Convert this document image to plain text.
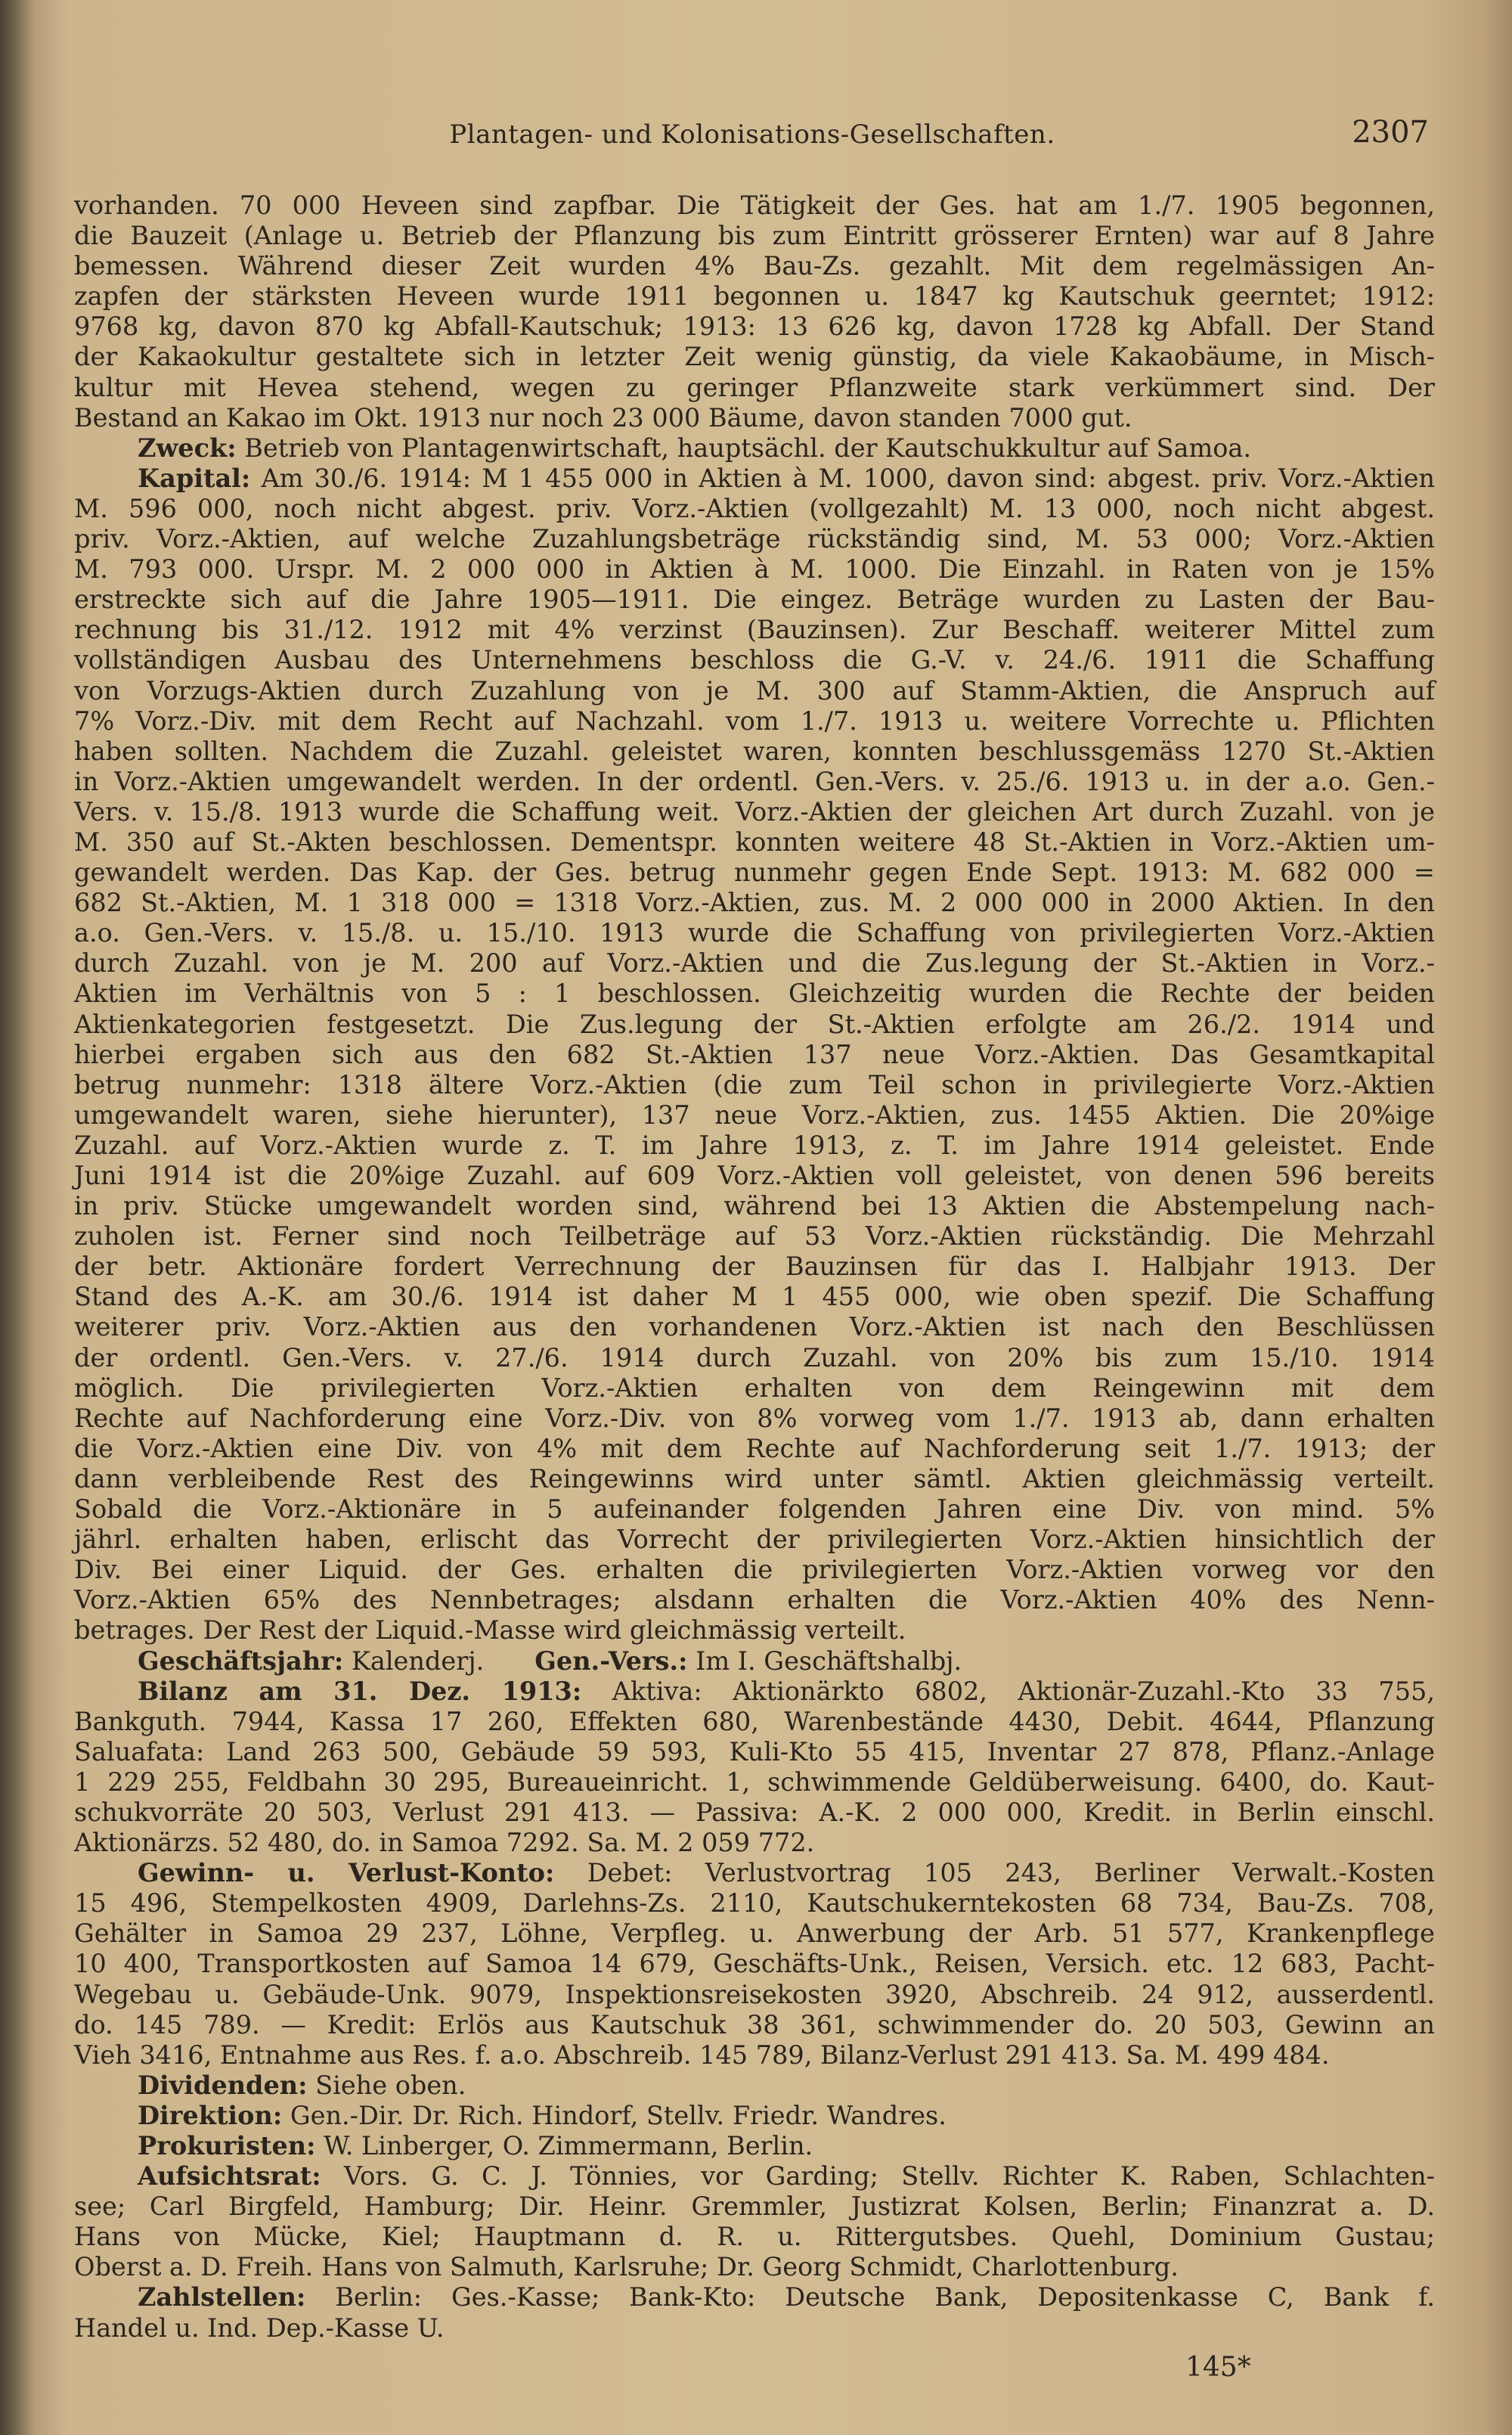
Plantagen- und Kolonisations-Gesellschaften.	2307
vorhanden. 70 000 Heveen sind zapfbar. Die Tätigkeit der Ges. hat am 1./7. 1905 begonnen,
die Bauzeit (Anlage u. Betrieb der Pflanzung bis zum Eintritt grösserer Ernten) war auf 8 Jahre
bemessen. Während dieser Zeit wurden 4% Bau-Zs. gezahlt. Mit dem regelmässigen An-
zapfen der stärksten Heveen wurde 1911 begonnen u. 1847 kg Kautschuk geerntet; 1912:
9768 kg, davon 870 kg Abfall-Kautschuk; 1913: 13 626 kg, davon 1728 kg Abfall. Der Stand
der Kakaokultur gestaltete sich in letzter Zeit wenig günstig, da viele Kakaobäume, in Misch-
kultur mit Hevea stehend, wegen zu geringer Pflanzweite stark verkümmert sind. Der
Bestand an Kakao im Okt. 1913 nur noch 23 000 Bäume, davon standen 7000 gut.
Zweck: Betrieb von Plantagenwirtschaft, hauptsächl. der Kautschukkultur auf Samoa.
Kapital: Am 30./6. 1914: M 1 455 000 in Aktien à M. 1000, davon sind: abgest. priv. Vorz.-Aktien
M. 596 000, noch nicht abgest. priv. Vorz.-Aktien (vollgezahlt) M. 13 000, noch nicht abgest.
priv. Vorz.-Aktien, auf welche Zuzahlungsbeträge rückständig sind, M. 53 000; Vorz.-Aktien
M. 793 000. Urspr. M. 2 000 000 in Aktien à M. 1000. Die Einzahl. in Raten von je 15%
erstreckte sich auf die Jahre 1905—1911. Die eingez. Beträge wurden zu Lasten der Bau-
rechnung bis 31./12. 1912 mit 4% verzinst (Bauzinsen). Zur Beschaff. weiterer Mittel zum
vollständigen Ausbau des Unternehmens beschloss die G.-V. v. 24./6. 1911 die Schaffung
von Vorzugs-Aktien durch Zuzahlung von je M. 300 auf Stamm-Aktien, die Anspruch auf
7% Vorz.-Div. mit dem Recht auf Nachzahl. vom 1./7. 1913 u. weitere Vorrechte u. Pflichten
haben sollten. Nachdem die Zuzahl. geleistet waren, konnten beschlussgemäss 1270 St.-Aktien
in Vorz.-Aktien umgewandelt werden. In der ordentl. Gen.-Vers. v. 25./6. 1913 u. in der a.o. Gen.-
Vers. v. 15./8. 1913 wurde die Schaffung weit. Vorz.-Aktien der gleichen Art durch Zuzahl. von je
M. 350 auf St.-Akten beschlossen. Dementspr. konnten weitere 48 St.-Aktien in Vorz.-Aktien um-
gewandelt werden. Das Kap. der Ges. betrug nunmehr gegen Ende Sept. 1913: M. 682 000 =
682 St.-Aktien, M. 1 318 000 = 1318 Vorz.-Aktien, zus. M. 2 000 000 in 2000 Aktien. In den
a.o. Gen.-Vers. v. 15./8. u. 15./10. 1913 wurde die Schaffung von privilegierten Vorz.-Aktien
durch Zuzahl. von je M. 200 auf Vorz.-Aktien und die Zus.legung der St.-Aktien in Vorz.-
Aktien im Verhältnis von 5 : 1 beschlossen. Gleichzeitig wurden die Rechte der beiden
Aktienkategorien festgesetzt. Die Zus.legung der St.-Aktien erfolgte am 26./2. 1914 und
hierbei ergaben sich aus den 682 St.-Aktien 137 neue Vorz.-Aktien. Das Gesamtkapital
betrug nunmehr: 1318 ältere Vorz.-Aktien (die zum Teil schon in privilegierte Vorz.-Aktien
umgewandelt waren, siehe hierunter), 137 neue Vorz.-Aktien, zus. 1455 Aktien. Die 20%ige
Zuzahl. auf Vorz.-Aktien wurde z. T. im Jahre 1913, z. T. im Jahre 1914 geleistet. Ende
Juni 1914 ist die 20%ige Zuzahl. auf 609 Vorz.-Aktien voll geleistet, von denen 596 bereits
in priv. Stücke umgewandelt worden sind, während bei 13 Aktien die Abstempelung nach-
zuholen ist. Ferner sind noch Teilbeträge auf 53 Vorz.-Aktien rückständig. Die Mehrzahl
der betr. Aktionäre fordert Verrechnung der Bauzinsen für das I. Halbjahr 1913. Der
Stand des A.-K. am 30./6. 1914 ist daher M 1 455 000, wie oben spezif. Die Schaffung
weiterer priv. Vorz.-Aktien aus den vorhandenen Vorz.-Aktien ist nach den Beschlüssen
der ordentl. Gen.-Vers. v. 27./6. 1914 durch Zuzahl. von 20% bis zum 15./10. 1914
möglich. Die privilegierten Vorz.-Aktien erhalten von dem Reingewinn mit dem
Rechte auf Nachforderung eine Vorz.-Div. von 8% vorweg vom 1./7. 1913 ab, dann erhalten
die Vorz.-Aktien eine Div. von 4% mit dem Rechte auf Nachforderung seit 1./7. 1913; der
dann verbleibende Rest des Reingewinns wird unter sämtl. Aktien gleichmässig verteilt.
Sobald die Vorz.-Aktionäre in 5 aufeinander folgenden Jahren eine Div. von mind. 5%
jährl. erhalten haben, erlischt das Vorrecht der privilegierten Vorz.-Aktien hinsichtlich der
Div. Bei einer Liquid. der Ges. erhalten die privilegierten Vorz.-Aktien vorweg vor den
Vorz.-Aktien 65% des Nennbetrages; alsdann erhalten die Vorz.-Aktien 40% des Nenn-
betrages. Der Rest der Liquid.-Masse wird gleichmässig verteilt.
Geschäftsjahr: Kalenderj.   Gen.-Vers.: Im I. Geschäftshalbj.
Bilanz am 31. Dez. 1913: Aktiva: Aktionärkto 6802, Aktionär-Zuzahl.-Kto 33 755,
Bankguth. 7944, Kassa 17 260, Effekten 680, Warenbestände 4430, Debit. 4644, Pflanzung
Saluafata: Land 263 500, Gebäude 59 593, Kuli-Kto 55 415, Inventar 27 878, Pflanz.-Anlage
1 229 255, Feldbahn 30 295, Bureaueinricht. 1, schwimmende Geldüberweisung. 6400, do. Kaut-
schukvorräte 20 503, Verlust 291 413. — Passiva: A.-K. 2 000 000, Kredit. in Berlin einschl.
Aktionärzs. 52 480, do. in Samoa 7292. Sa. M. 2 059 772.
Gewinn- u. Verlust-Konto: Debet: Verlustvortrag 105 243, Berliner Verwalt.-Kosten
15 496, Stempelkosten 4909, Darlehns-Zs. 2110, Kautschukerntekosten 68 734, Bau-Zs. 708,
Gehälter in Samoa 29 237, Löhne, Verpfleg. u. Anwerbung der Arb. 51 577, Krankenpflege
10 400, Transportkosten auf Samoa 14 679, Geschäfts-Unk., Reisen, Versich. etc. 12 683, Pacht-
Wegebau u. Gebäude-Unk. 9079, Inspektionsreisekosten 3920, Abschreib. 24 912, ausserdentl.
do. 145 789. — Kredit: Erlös aus Kautschuk 38 361, schwimmender do. 20 503, Gewinn an
Vieh 3416, Entnahme aus Res. f. a.o. Abschreib. 145 789, Bilanz-Verlust 291 413. Sa. M. 499 484.
Dividenden: Siehe oben.
Direktion: Gen.-Dir. Dr. Rich. Hindorf, Stellv. Friedr. Wandres.
Prokuristen: W. Linberger, O. Zimmermann, Berlin.
Aufsichtsrat: Vors. G. C. J. Tönnies, vor Garding; Stellv. Richter K. Raben, Schlachten-
see; Carl Birgfeld, Hamburg; Dir. Heinr. Gremmler, Justizrat Kolsen, Berlin; Finanzrat a. D.
Hans von Mücke, Kiel; Hauptmann d. R. u. Rittergutsbes. Quehl, Dominium Gustau;
Oberst a. D. Freih. Hans von Salmuth, Karlsruhe; Dr. Georg Schmidt, Charlottenburg.
Zahlstellen: Berlin: Ges.-Kasse; Bank-Kto: Deutsche Bank, Depositenkasse C, Bank f.
Handel u. Ind. Dep.-Kasse U.
145*
